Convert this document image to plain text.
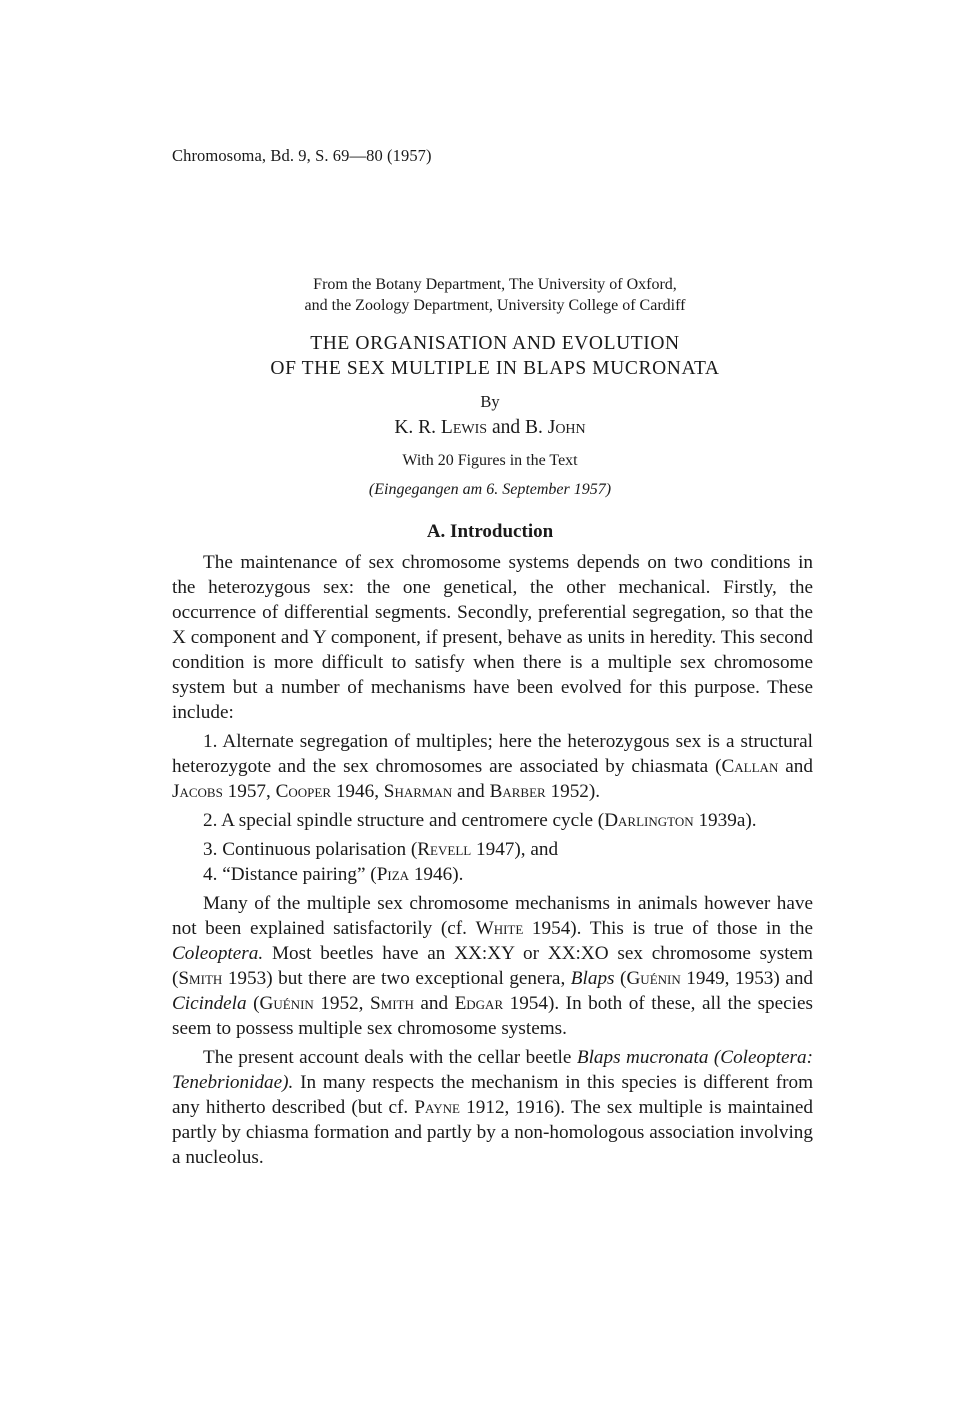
Chromosoma, Bd. 9, S. 69—80 (1957)
From the Botany Department, The University of Oxford,
and the Zoology Department, University College of Cardiff
THE ORGANISATION AND EVOLUTION
OF THE SEX MULTIPLE IN BLAPS MUCRONATA
By
K. R. Lewis and B. John
With 20 Figures in the Text
(Eingegangen am 6. September 1957)
A. Introduction

The maintenance of sex chromosome systems depends on two conditions in the heterozygous sex: the one genetical, the other mechanical. Firstly, the occurrence of differential segments. Secondly, preferential segregation, so that the X component and Y component, if present, behave as units in heredity. This second condition is more difficult to satisfy when there is a multiple sex chromosome system but a number of mechanisms have been evolved for this purpose. These include:

1. Alternate segregation of multiples; here the heterozygous sex is a structural heterozygote and the sex chromosomes are associated by chiasmata (Callan and Jacobs 1957, Cooper 1946, Sharman and Barber 1952).

2. A special spindle structure and centromere cycle (Darlington 1939a).

3. Continuous polarisation (Revell 1947), and

4. “Distance pairing” (Piza 1946).

Many of the multiple sex chromosome mechanisms in animals however have not been explained satisfactorily (cf. White 1954). This is true of those in the Coleoptera. Most beetles have an XX:XY or XX:XO sex chromosome system (Smith 1953) but there are two exceptional genera, Blaps (Guénin 1949, 1953) and Cicindela (Guénin 1952, Smith and Edgar 1954). In both of these, all the species seem to possess multiple sex chromosome systems.

The present account deals with the cellar beetle Blaps mucronata (Coleoptera: Tenebrionidae). In many respects the mechanism in this species is different from any hitherto described (but cf. Payne 1912, 1916). The sex multiple is maintained partly by chiasma formation and partly by a non-homologous association involving a nucleolus.
